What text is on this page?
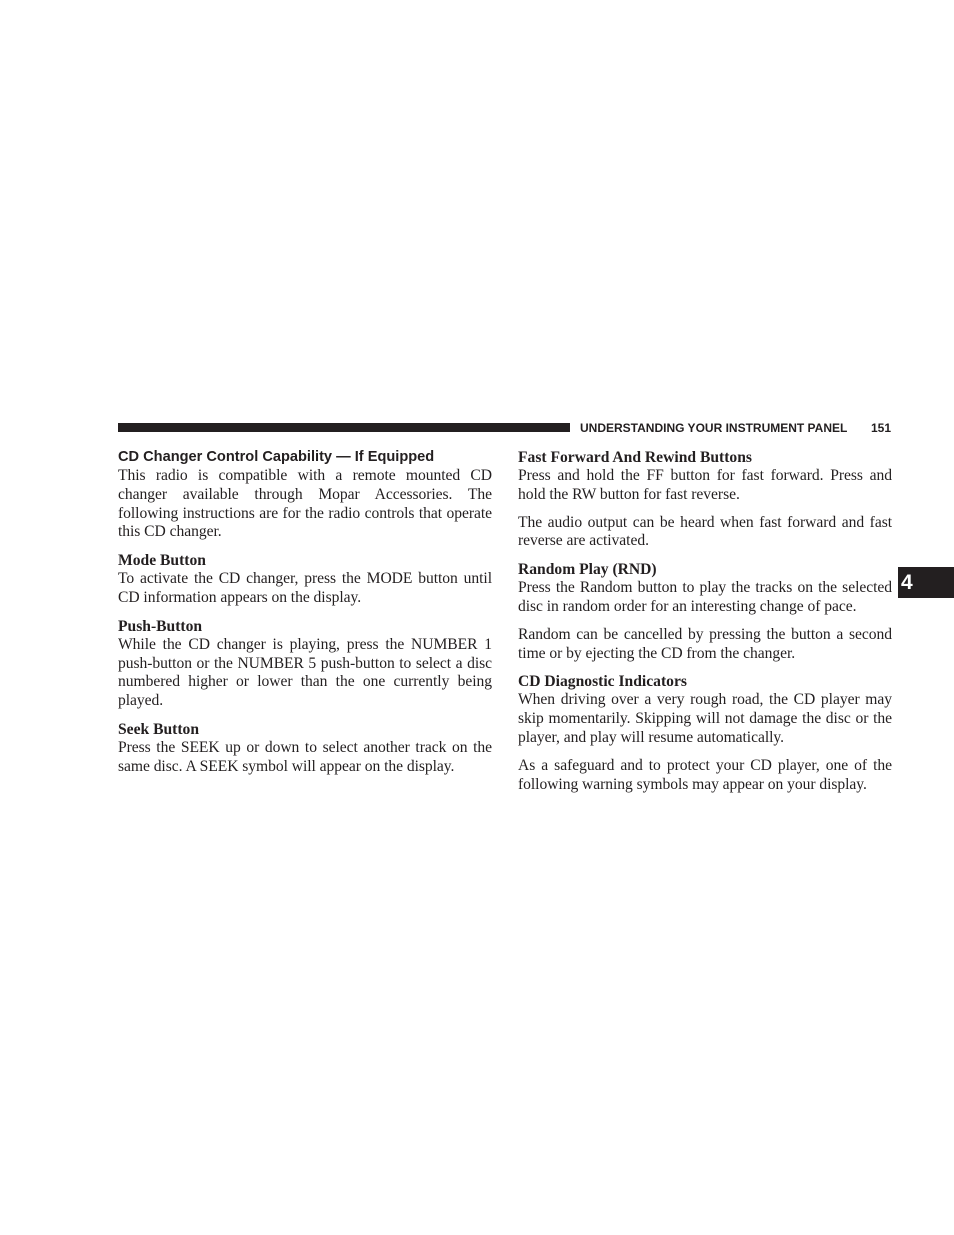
UNDERSTANDING YOUR INSTRUMENT PANEL 151
CD Changer Control Capability — If Equipped

This radio is compatible with a remote mounted CD changer available through Mopar Accessories. The following instructions are for the radio controls that operate this CD changer.

Mode Button

To activate the CD changer, press the MODE button until CD information appears on the display.

Push-Button

While the CD changer is playing, press the NUMBER 1 push-button or the NUMBER 5 push-button to select a disc numbered higher or lower than the one currently being played.

Seek Button

Press the SEEK up or down to select another track on the same disc. A SEEK symbol will appear on the display.

Fast Forward And Rewind Buttons

Press and hold the FF button for fast forward. Press and hold the RW button for fast reverse.

The audio output can be heard when fast forward and fast reverse are activated.

Random Play (RND)

Press the Random button to play the tracks on the selected disc in random order for an interesting change of pace.

Random can be cancelled by pressing the button a second time or by ejecting the CD from the changer.

CD Diagnostic Indicators

When driving over a very rough road, the CD player may skip momentarily. Skipping will not damage the disc or the player, and play will resume automatically.

As a safeguard and to protect your CD player, one of the following warning symbols may appear on your display.

4
